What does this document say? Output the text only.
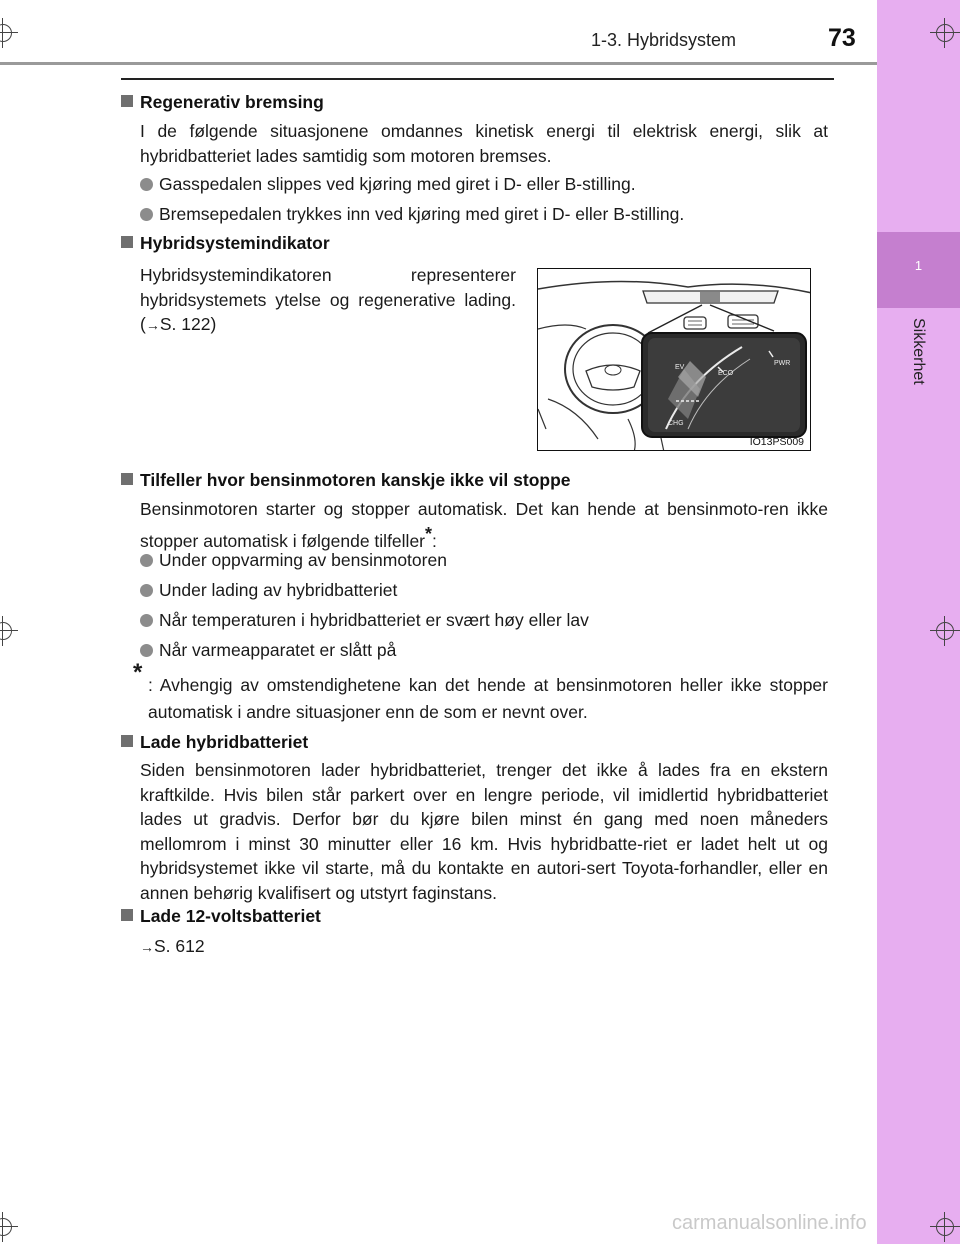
1
Sikkerhet
1-3. Hybridsystem	73
Regenerativ bremsing
I de følgende situasjonene omdannes kinetisk energi til elektrisk energi, slik at hybridbatteriet lades samtidig som motoren bremses.
Gasspedalen slippes ved kjøring med giret i D- eller B-stilling.
Bremsepedalen trykkes inn ved kjøring med giret i D- eller B-stilling.
Hybridsystemindikator
Hybridsystemindikatoren representerer hybridsystemets ytelse og regenerative lading. (→S. 122)
EV
ECO
PWR
CHG
IO13PS009
Tilfeller hvor bensinmotoren kanskje ikke vil stoppe
Bensinmotoren starter og stopper automatisk. Det kan hende at bensinmoto-ren ikke stopper automatisk i følgende tilfeller*:
Under oppvarming av bensinmotoren
Under lading av hybridbatteriet
Når temperaturen i hybridbatteriet er svært høy eller lav
Når varmeapparatet er slått på
* : Avhengig av omstendighetene kan det hende at bensinmotoren heller ikke stopper automatisk i andre situasjoner enn de som er nevnt over.
Lade hybridbatteriet
Siden bensinmotoren lader hybridbatteriet, trenger det ikke å lades fra en ekstern kraftkilde. Hvis bilen står parkert over en lengre periode, vil imidlertid hybridbatteriet lades ut gradvis. Derfor bør du kjøre bilen minst én gang med noen måneders mellomrom i minst 30 minutter eller 16 km. Hvis hybridbatte-riet er ladet helt ut og hybridsystemet ikke vil starte, må du kontakte en autori-sert Toyota-forhandler, eller en annen behørig kvalifisert og utstyrt faginstans.
Lade 12-voltsbatteriet
→S. 612
carmanualsonline.info
